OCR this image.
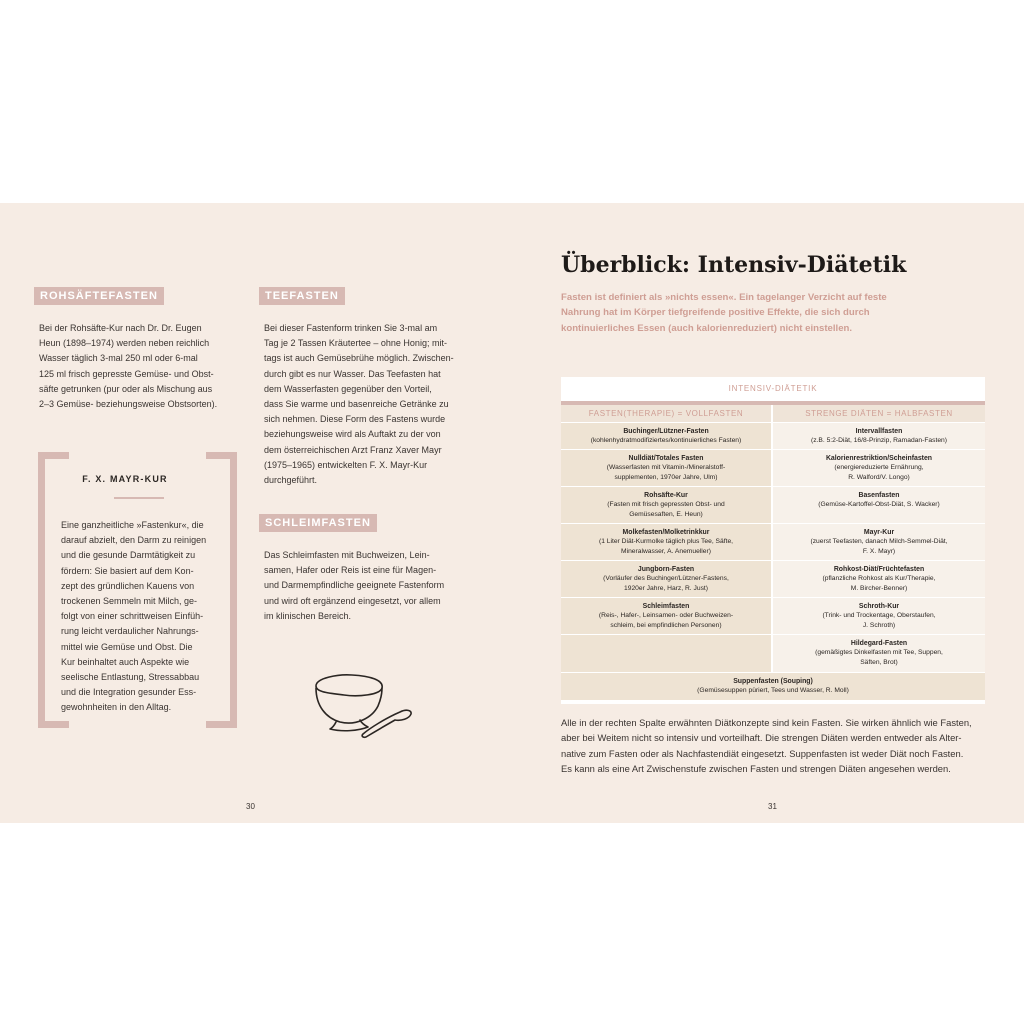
ROHSÄFTEFASTEN

Bei der Rohsäfte-Kur nach Dr. Dr. Eugen

Heun (1898–1974) werden neben reichlich

Wasser täglich 3-mal 250 ml oder 6-mal

125 ml frisch gepresste Gemüse- und Obst-

säfte getrunken (pur oder als Mischung aus

2–3 Gemüse- beziehungsweise Obstsorten).

TEEFASTEN

Bei dieser Fastenform trinken Sie 3-mal am

Tag je 2 Tassen Kräutertee – ohne Honig; mit-

tags ist auch Gemüsebrühe möglich. Zwischen-

durch gibt es nur Wasser. Das Teefasten hat

dem Wasserfasten gegenüber den Vorteil,

dass Sie warme und basenreiche Getränke zu

sich nehmen. Diese Form des Fastens wurde

beziehungsweise wird als Auftakt zu der von

dem österreichischen Arzt Franz Xaver Mayr

(1975–1965) entwickelten F. X. Mayr-Kur

durchgeführt.

SCHLEIMFASTEN

Das Schleimfasten mit Buchweizen, Lein-

samen, Hafer oder Reis ist eine für Magen-

und Darmempfindliche geeignete Fastenform

und wird oft ergänzend eingesetzt, vor allem

im klinischen Bereich.

F. X. MAYR-KUR

Eine ganzheitliche »Fastenkur«, die

darauf abzielt, den Darm zu reinigen

und die gesunde Darmtätigkeit zu

fördern: Sie basiert auf dem Kon-

zept des gründlichen Kauens von

trockenen Semmeln mit Milch, ge-

folgt von einer schrittweisen Einfüh-

rung leicht verdaulicher Nahrungs-

mittel wie Gemüse und Obst. Die

Kur beinhaltet auch Aspekte wie

seelische Entlastung, Stressabbau

und die Integration gesunder Ess-

gewohnheiten in den Alltag.

30
Überblick: Intensiv-Diätetik
Fasten ist definiert als »nichts essen«. Ein tagelanger Verzicht auf feste
Nahrung hat im Körper tiefgreifende positive Effekte, die sich durch
kontinuierliches Essen (auch kalorienreduziert) nicht einstellen.
INTENSIV-DIÄTETIK
FASTEN(THERAPIE) = VOLLFASTEN	STRENGE DIÄTEN = HALBFASTEN
Buchinger/Lützner-Fasten
(kohlenhydratmodifiziertes/kontinuierliches Fasten)
Intervallfasten
(z.B. 5:2-Diät, 16/8-Prinzip, Ramadan-Fasten)
Nulldiät/Totales Fasten
(Wasserfasten mit Vitamin-/Mineralstoff-
supplementen, 1970er Jahre, Ulm)
Kalorienrestriktion/Scheinfasten
(energiereduzierte Ernährung,
R. Walford/V. Longo)
Rohsäfte-Kur
(Fasten mit frisch gepressten Obst- und
Gemüsesaften, E. Heun)
Basenfasten
(Gemüse-Kartoffel-Obst-Diät, S. Wacker)
Molkefasten/Molketrinkkur
(1 Liter Diät-Kurmolke täglich plus Tee, Säfte,
Mineralwasser, A. Anemueller)
Mayr-Kur
(zuerst Teefasten, danach Milch-Semmel-Diät,
F. X. Mayr)
Jungborn-Fasten
(Vorläufer des Buchinger/Lützner-Fastens,
1920er Jahre, Harz, R. Just)
Rohkost-Diät/Früchtefasten
(pflanzliche Rohkost als Kur/Therapie,
M. Bircher-Benner)
Schleimfasten
(Reis-, Hafer-, Leinsamen- oder Buchweizen-
schleim, bei empfindlichen Personen)
Schroth-Kur
(Trink- und Trockentage, Oberstaufen,
J. Schroth)
Hildegard-Fasten
(gemäßigtes Dinkelfasten mit Tee, Suppen,
Säften, Brot)
Suppenfasten (Souping)
(Gemüsesuppen püriert, Tees und Wasser, R. Moll)

Alle in der rechten Spalte erwähnten Diätkonzepte sind kein Fasten. Sie wirken ähnlich wie Fasten,

aber bei Weitem nicht so intensiv und vorteilhaft. Die strengen Diäten werden entweder als Alter-

native zum Fasten oder als Nachfastendiät eingesetzt. Suppenfasten ist weder Diät noch Fasten.

Es kann als eine Art Zwischenstufe zwischen Fasten und strengen Diäten angesehen werden.

31
